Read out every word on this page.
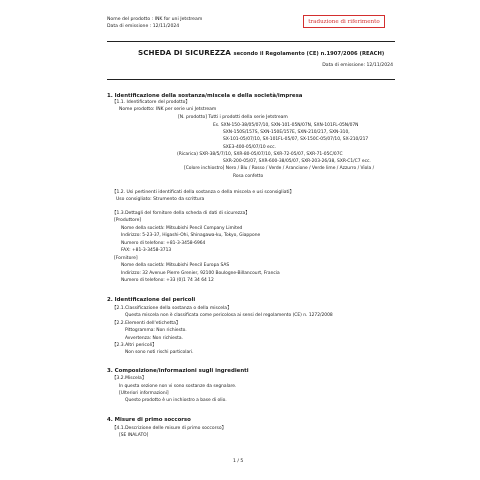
Nome del prodotto : INK for uni Jetstream
Data di emissione : 12/11/2024
traduzione di riferimento
SCHEDA DI SICUREZZA secondo il Regolamento (CE) n.1907/2006 (REACH)
Data di emissione: 12/11/2024
1. Identificazione della sostanza/miscela e della società/impresa
【1.1. Identificatore del prodotto】
Nome prodotto: INK per serie uni Jetstream
[N. prodotto] Tutti i prodotti della serie Jetstream
Es. SXN-150-38/05/07/10, SXN-101-05N/07N, SXN-101FL-05N/07N
SXN-150S/157S, SXN-150E/157E, SXN-210/217, SXN-310,
SX-101-05/07/10, SX-101FL-05/07, SX-150C-05/07/10, SX-210/217
SXE3-400-05/07/10 ecc.
(Ricarica) SXR-38/5/7/10, SXR-80-05/07/10, SXR-72-05/07, SXR-71-05C/07C
SXR-200-05/07, SXR-600-38/05/07, SXR-203-26/38, SXR-C1/C7 ecc.
[Colore inchiostro] Nero / Blu / Rosso / Verde / Arancione / Verde lime / Azzurro / Viola /
Rosa confetto
【1.2. Usi pertinenti identificati della sostanza o della miscela e usi sconsigliati】
Uso consigliato: Strumento da scrittura
【1.3.Dettagli del fornitore della scheda di dati di sicurezza】
[Produttore]
Nome della società: Mitsubishi Pencil Company Limited
Indirizzo: 5-23-37, Higashi-Ohi, Shinagawa-ku, Tokyo, Giappone
Numero di telefono: +81-3-3458-6964
FAX: +81-3-3458-3713
[Fornitore]
Nome della società: Mitsubishi Pencil Europa SAS
Indirizzo: 32 Avenue Pierre Grenier, 92100 Boulogne-Billancourt, Francia
Numero di telefono: +33 (0)1 74 34 64 12
2. Identificazione dei pericoli
【2.1.Classificazione della sostanza o della miscela】
Questa miscela non è classificata come pericolosa ai sensi del regolamento (CE) n. 1272/2008
【2.2.Elementi dell'etichetta】
Pittogramma: Non richiesto.
Avvertenza: Non richiesta.
【2.3.Altri pericoli】
Non sono noti rischi particolari.
3. Composizione/informazioni sugli ingredienti
【3.2.Miscela】
In questa sezione non vi sono sostanze da segnalare.
[Ulteriori informazioni]
Questo prodotto è un inchiostro a base di olio.
4. Misure di primo soccorso
【4.1.Descrizione delle misure di primo soccorso】
[SE INALATO]
1 / 5
